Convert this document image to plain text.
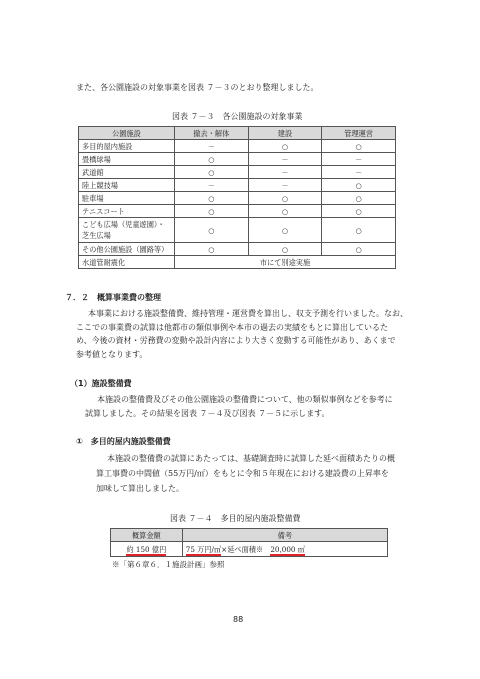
また、各公園施設の対象事業を図表 ７－３のとおり整理しました。
図表 ７－３　各公園施設の対象事業
公園施設	撤去・解体	建設	管理運営
多目的屋内施設	－	○	○
畳橋球場	○	－	－
武道館	○	－	－
陸上競技場	－	－	○
駐車場	○	○	○
テニスコート	○	○	○

こども広場（児童遊園）・
芝生広場	○	○	○
その他公園施設（園路等）	○	○	○
水道管耐震化	市にて別途実施		
７．２　概算事業費の整理
本事業における施設整備費、維持管理・運営費を算出し、収支予測を行いました。なお、
ここでの事業費の試算は他都市の類似事例や本市の過去の実績をもとに算出しているた
め、今後の資材・労務費の変動や設計内容により大きく変動する可能性があり、あくまで
参考値となります。
（1）施設整備費
本施設の整備費及びその他公園施設の整備費について、他の類似事例などを参考に
試算しました。その結果を図表 ７－４及び図表 ７－５に示します。
①　多目的屋内施設整備費
本施設の整備費の試算にあたっては、基礎調査時に試算した延べ面積あたりの概
算工事費の中間値（55万円/㎡）をもとに令和５年現在における建設費の上昇率を
加味して算出しました。
図表 ７－４　多目的屋内施設整備費
概算金額	備考
約 150 億円	75 万円/㎡×延べ面積※　 20,000 ㎡
※「第６章６．１施設計画」参照
88
